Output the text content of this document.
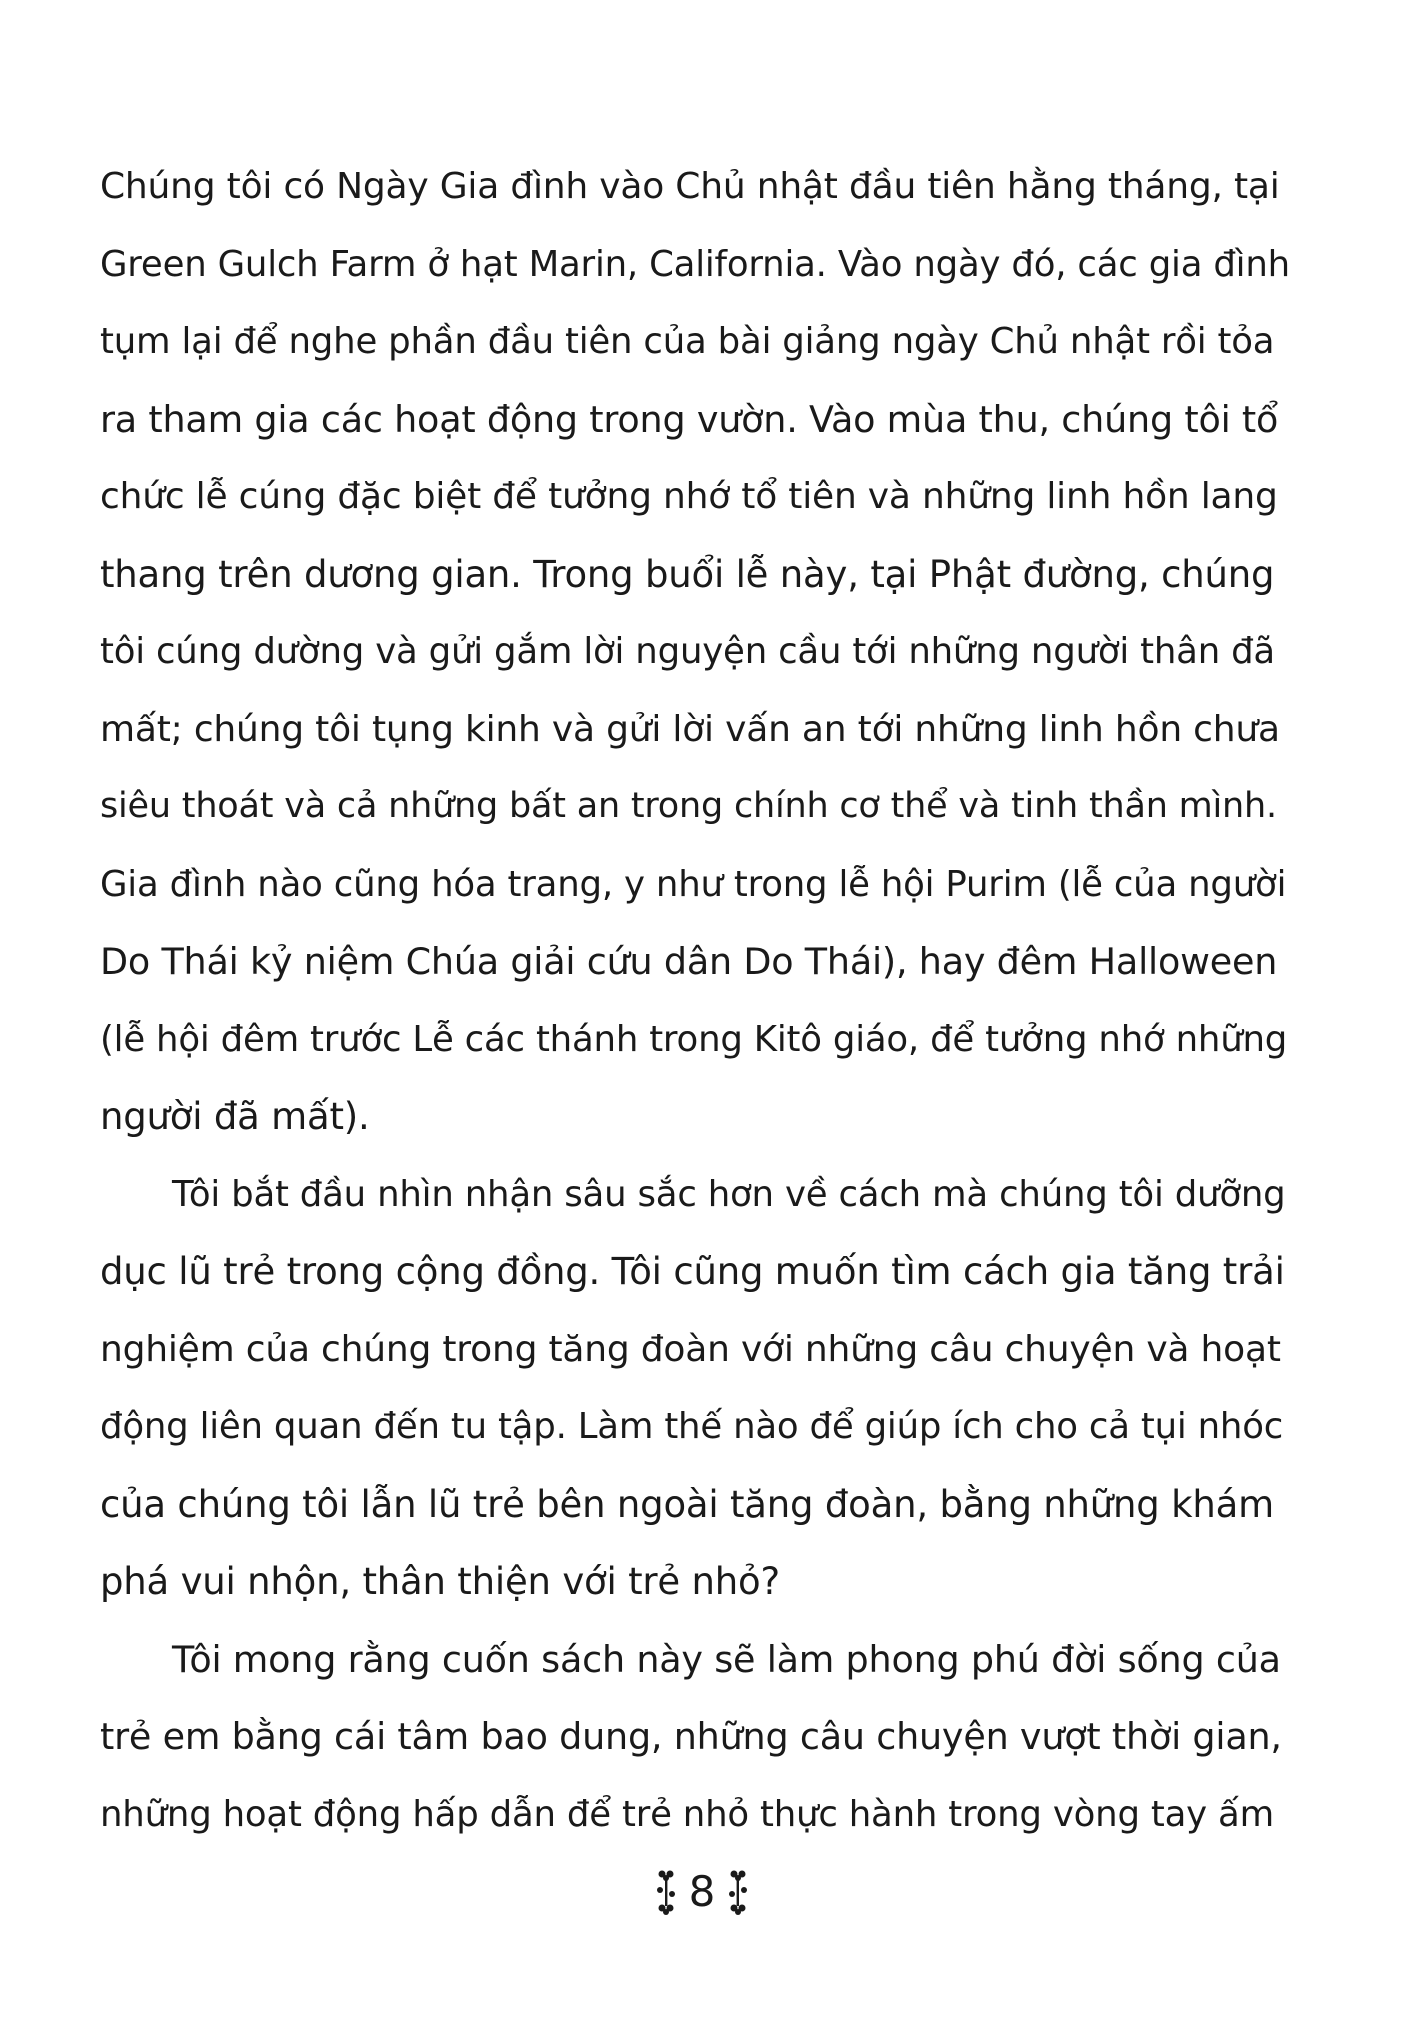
Chúng tôi có Ngày Gia đình vào Chủ nhật đầu tiên hằng tháng, tại
Green Gulch Farm ở hạt Marin, California. Vào ngày đó, các gia đình
tụm lại để nghe phần đầu tiên của bài giảng ngày Chủ nhật rồi tỏa
ra tham gia các hoạt động trong vườn. Vào mùa thu, chúng tôi tổ
chức lễ cúng đặc biệt để tưởng nhớ tổ tiên và những linh hồn lang
thang trên dương gian. Trong buổi lễ này, tại Phật đường, chúng
tôi cúng dường và gửi gắm lời nguyện cầu tới những người thân đã
mất; chúng tôi tụng kinh và gửi lời vấn an tới những linh hồn chưa
siêu thoát và cả những bất an trong chính cơ thể và tinh thần mình.
Gia đình nào cũng hóa trang, y như trong lễ hội Purim (lễ của người
Do Thái kỷ niệm Chúa giải cứu dân Do Thái), hay đêm Halloween
(lễ hội đêm trước Lễ các thánh trong Kitô giáo, để tưởng nhớ những
người đã mất).
Tôi bắt đầu nhìn nhận sâu sắc hơn về cách mà chúng tôi dưỡng
dục lũ trẻ trong cộng đồng. Tôi cũng muốn tìm cách gia tăng trải
nghiệm của chúng trong tăng đoàn với những câu chuyện và hoạt
động liên quan đến tu tập. Làm thế nào để giúp ích cho cả tụi nhóc
của chúng tôi lẫn lũ trẻ bên ngoài tăng đoàn, bằng những khám
phá vui nhộn, thân thiện với trẻ nhỏ?
Tôi mong rằng cuốn sách này sẽ làm phong phú đời sống của
trẻ em bằng cái tâm bao dung, những câu chuyện vượt thời gian,
những hoạt động hấp dẫn để trẻ nhỏ thực hành trong vòng tay ấm
8
